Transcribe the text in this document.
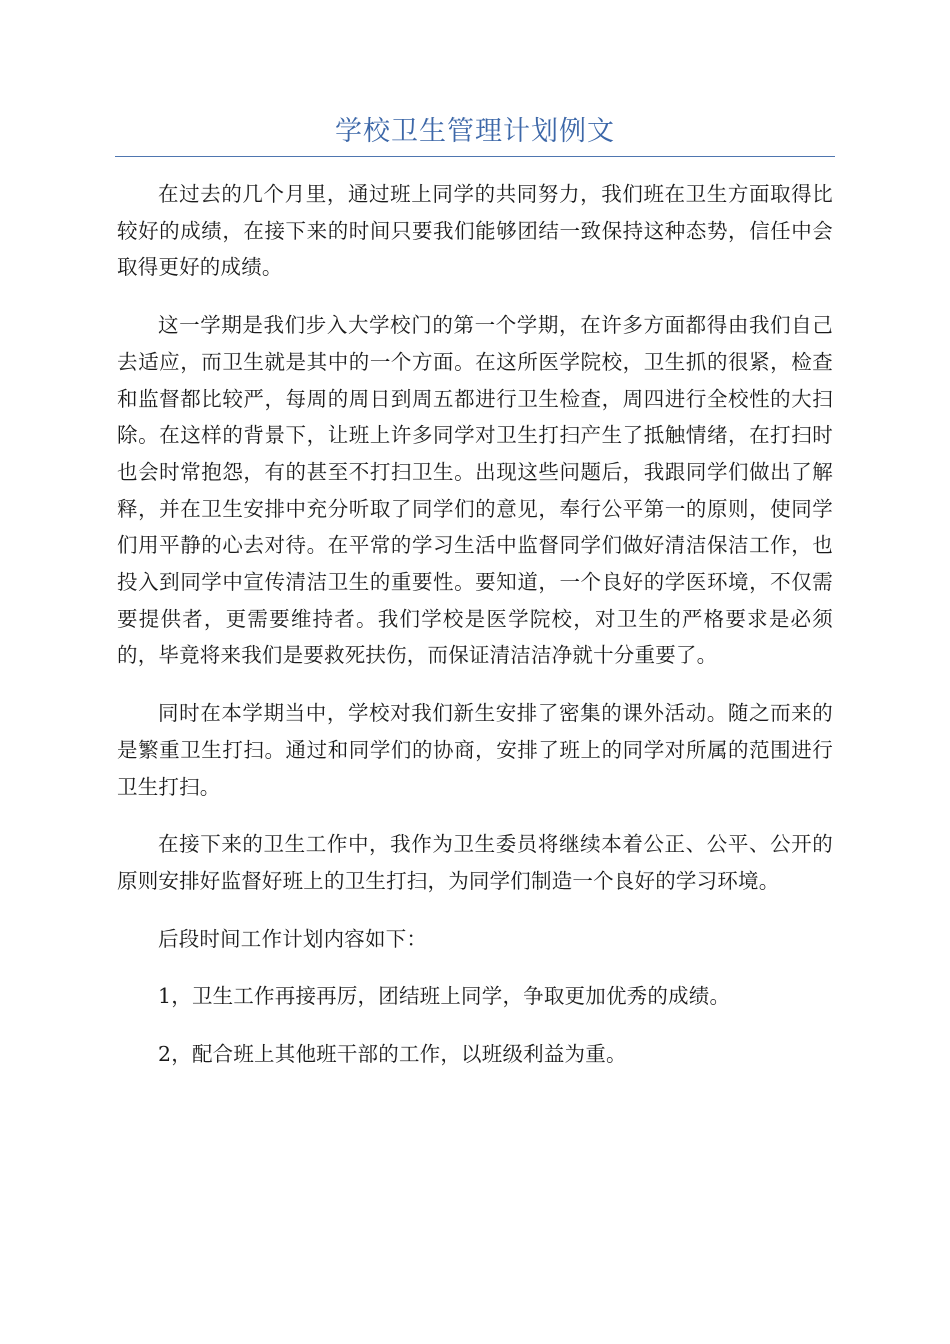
学校卫生管理计划例文

在过去的几个月里，通过班上同学的共同努力，我们班在卫生方面取得比较好的成绩，在接下来的时间只要我们能够团结一致保持这种态势，信任中会取得更好的成绩。

这一学期是我们步入大学校门的第一个学期，在许多方面都得由我们自己去适应，而卫生就是其中的一个方面。在这所医学院校，卫生抓的很紧，检查和监督都比较严，每周的周日到周五都进行卫生检查，周四进行全校性的大扫除。在这样的背景下，让班上许多同学对卫生打扫产生了抵触情绪，在打扫时也会时常抱怨，有的甚至不打扫卫生。出现这些问题后，我跟同学们做出了解释，并在卫生安排中充分听取了同学们的意见，奉行公平第一的原则，使同学们用平静的心去对待。在平常的学习生活中监督同学们做好清洁保洁工作，也投入到同学中宣传清洁卫生的重要性。要知道，一个良好的学医环境，不仅需要提供者，更需要维持者。我们学校是医学院校，对卫生的严格要求是必须的，毕竟将来我们是要救死扶伤，而保证清洁洁净就十分重要了。

同时在本学期当中，学校对我们新生安排了密集的课外活动。随之而来的是繁重卫生打扫。通过和同学们的协商，安排了班上的同学对所属的范围进行卫生打扫。

在接下来的卫生工作中，我作为卫生委员将继续本着公正、公平、公开的原则安排好监督好班上的卫生打扫，为同学们制造一个良好的学习环境。

后段时间工作计划内容如下：

1，卫生工作再接再厉，团结班上同学，争取更加优秀的成绩。

2，配合班上其他班干部的工作，以班级利益为重。
